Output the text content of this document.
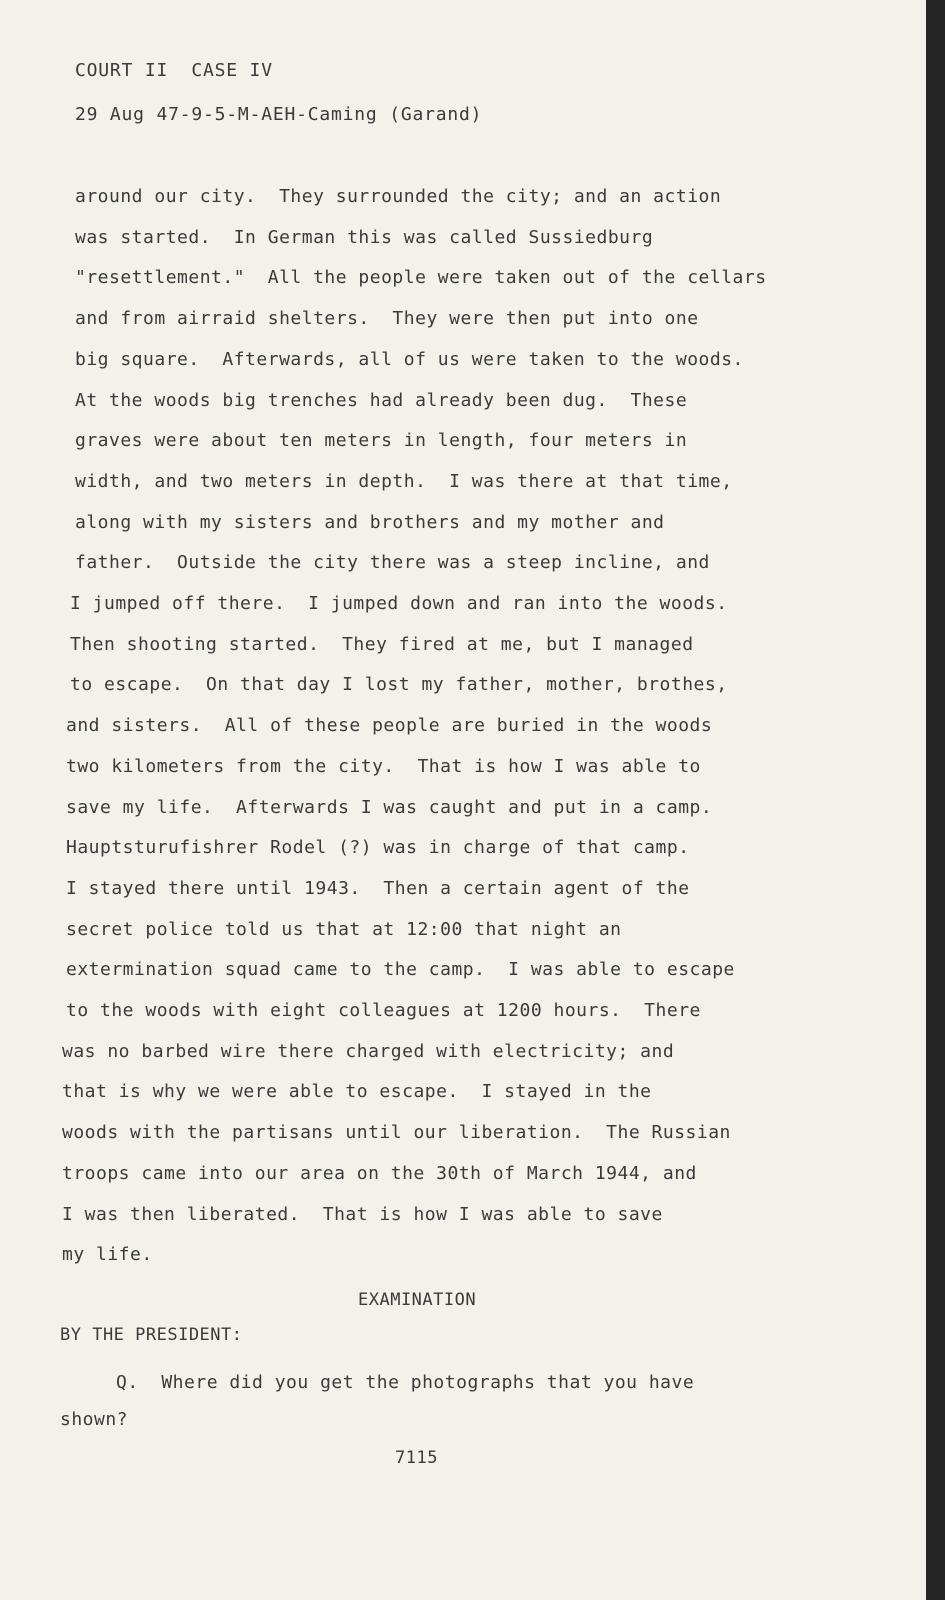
COURT II  CASE IV
29 Aug 47-9-5-M-AEH-Caming (Garand)
around our city.  They surrounded the city; and an action
was started.  In German this was called Sussiedburg
"resettlement."  All the people were taken out of the cellars
and from airraid shelters.  They were then put into one
big square.  Afterwards, all of us were taken to the woods.
At the woods big trenches had already been dug.  These
graves were about ten meters in length, four meters in
width, and two meters in depth.  I was there at that time,
along with my sisters and brothers and my mother and
father.  Outside the city there was a steep incline, and
I jumped off there.  I jumped down and ran into the woods.
Then shooting started.  They fired at me, but I managed
to escape.  On that day I lost my father, mother, brothes,
and sisters.  All of these people are buried in the woods
two kilometers from the city.  That is how I was able to
save my life.  Afterwards I was caught and put in a camp.
Hauptsturufishrer Rodel (?) was in charge of that camp.
I stayed there until 1943.  Then a certain agent of the
secret police told us that at 12:00 that night an
extermination squad came to the camp.  I was able to escape
to the woods with eight colleagues at 1200 hours.  There
was no barbed wire there charged with electricity; and
that is why we were able to escape.  I stayed in the
woods with the partisans until our liberation.  The Russian
troops came into our area on the 30th of March 1944, and
I was then liberated.  That is how I was able to save
my life.
EXAMINATION
BY THE PRESIDENT:
Q.  Where did you get the photographs that you have
shown?
7115
